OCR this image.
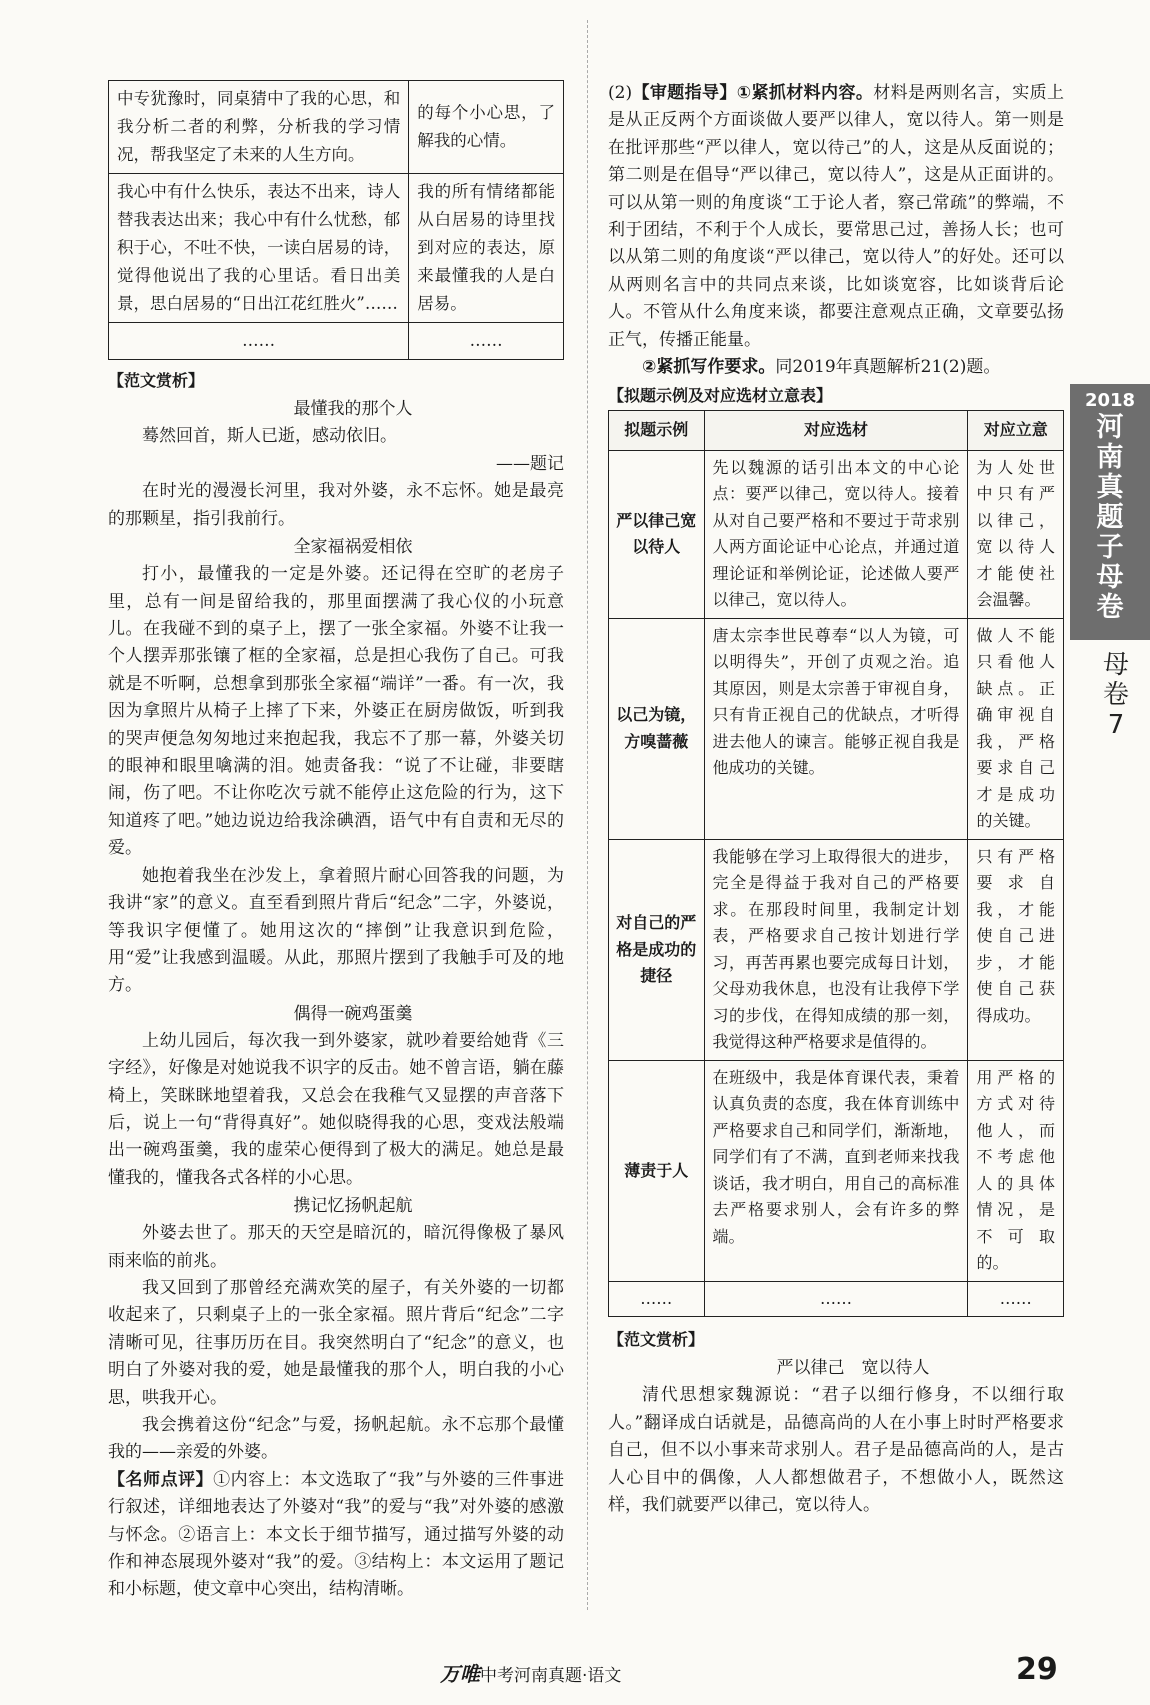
中专犹豫时，同桌猜中了我的心思，和我分析二者的利弊，分析我的学习情况，帮我坚定了未来的人生方向。	的每个小心思，了解我的心情。
我心中有什么快乐，表达不出来，诗人替我表达出来；我心中有什么忧愁，郁积于心，不吐不快，一读白居易的诗，觉得他说出了我的心里话。看日出美景，思白居易的“日出江花红胜火”……	我的所有情绪都能从白居易的诗里找到对应的表达，原来最懂我的人是白居易。
……	……
【范文赏析】

最懂我的那个人

蓦然回首，斯人已逝，感动依旧。

——题记

在时光的漫漫长河里，我对外婆，永不忘怀。她是最亮的那颗星，指引我前行。

全家福祸爱相依

打小，最懂我的一定是外婆。还记得在空旷的老房子里，总有一间是留给我的，那里面摆满了我心仪的小玩意儿。在我碰不到的桌子上，摆了一张全家福。外婆不让我一个人摆弄那张镶了框的全家福，总是担心我伤了自己。可我就是不听啊，总想拿到那张全家福“端详”一番。有一次，我因为拿照片从椅子上摔了下来，外婆正在厨房做饭，听到我的哭声便急匆匆地过来抱起我，我忘不了那一幕，外婆关切的眼神和眼里噙满的泪。她责备我：“说了不让碰，非要瞎闹，伤了吧。不让你吃次亏就不能停止这危险的行为，这下知道疼了吧。”她边说边给我涂碘酒，语气中有自责和无尽的爱。

她抱着我坐在沙发上，拿着照片耐心回答我的问题，为我讲“家”的意义。直至看到照片背后“纪念”二字，外婆说，等我识字便懂了。她用这次的“摔倒”让我意识到危险，用“爱”让我感到温暖。从此，那照片摆到了我触手可及的地方。

偶得一碗鸡蛋羹

上幼儿园后，每次我一到外婆家，就吵着要给她背《三字经》，好像是对她说我不识字的反击。她不曾言语，躺在藤椅上，笑眯眯地望着我，又总会在我稚气又显摆的声音落下后，说上一句“背得真好”。她似晓得我的心思，变戏法般端出一碗鸡蛋羹，我的虚荣心便得到了极大的满足。她总是最懂我的，懂我各式各样的小心思。

携记忆扬帆起航

外婆去世了。那天的天空是暗沉的，暗沉得像极了暴风雨来临的前兆。

我又回到了那曾经充满欢笑的屋子，有关外婆的一切都收起来了，只剩桌子上的一张全家福。照片背后“纪念”二字清晰可见，往事历历在目。我突然明白了“纪念”的意义，也明白了外婆对我的爱，她是最懂我的那个人，明白我的小心思，哄我开心。

我会携着这份“纪念”与爱，扬帆起航。永不忘那个最懂我的——亲爱的外婆。

【名师点评】①内容上：本文选取了“我”与外婆的三件事进行叙述，详细地表达了外婆对“我”的爱与“我”对外婆的感激与怀念。②语言上：本文长于细节描写，通过描写外婆的动作和神态展现外婆对“我”的爱。③结构上：本文运用了题记和小标题，使文章中心突出，结构清晰。

(2)【审题指导】①紧抓材料内容。材料是两则名言，实质上是从正反两个方面谈做人要严以律人，宽以待人。第一则是在批评那些“严以律人，宽以待己”的人，这是从反面说的；第二则是在倡导“严以律己，宽以待人”，这是从正面讲的。可以从第一则的角度谈“工于论人者，察己常疏”的弊端，不利于团结，不利于个人成长，要常思己过，善扬人长；也可以从第二则的角度谈“严以律己，宽以待人”的好处。还可以从两则名言中的共同点来谈，比如谈宽容，比如谈背后论人。不管从什么角度来谈，都要注意观点正确，文章要弘扬正气，传播正能量。

②紧抓写作要求。同2019年真题解析21(2)题。

【拟题示例及对应选材立意表】
拟题示例	对应选材	对应立意
严以律己宽以待人	先以魏源的话引出本文的中心论点：要严以律己，宽以待人。接着从对自己要严格和不要过于苛求别人两方面论证中心论点，并通过道理论证和举例论证，论述做人要严以律己，宽以待人。	为人处世中只有严以律己，宽以待人才能使社会温馨。
以己为镜，方嗅蔷薇	唐太宗李世民尊奉“以人为镜，可以明得失”，开创了贞观之治。追其原因，则是太宗善于审视自身，只有肯正视自己的优缺点，才听得进去他人的谏言。能够正视自我是他成功的关键。	做人不能只看他人缺点。正确审视自我，严格要求自己才是成功的关键。
对自己的严格是成功的捷径	我能够在学习上取得很大的进步，完全是得益于我对自己的严格要求。在那段时间里，我制定计划表，严格要求自己按计划进行学习，再苦再累也要完成每日计划，父母劝我休息，也没有让我停下学习的步伐，在得知成绩的那一刻，我觉得这种严格要求是值得的。	只有严格要求自我，才能使自己进步，才能使自己获得成功。
薄责于人	在班级中，我是体育课代表，秉着认真负责的态度，我在体育训练中严格要求自己和同学们，渐渐地，同学们有了不满，直到老师来找我谈话，我才明白，用自己的高标准去严格要求别人，会有许多的弊端。	用严格的方式对待他人，而不考虑他人的具体情况，是不可取的。
……	……	……
【范文赏析】

严以律己　宽以待人

清代思想家魏源说：“君子以细行修身，不以细行取人。”翻译成白话就是，品德高尚的人在小事上时时严格要求自己，但不以小事来苛求别人。君子是品德高尚的人，是古人心目中的偶像，人人都想做君子，不想做小人，既然这样，我们就要严以律己，宽以待人。

2018
河南真题子母卷
母卷7
万唯中考河南真题·语文	29
